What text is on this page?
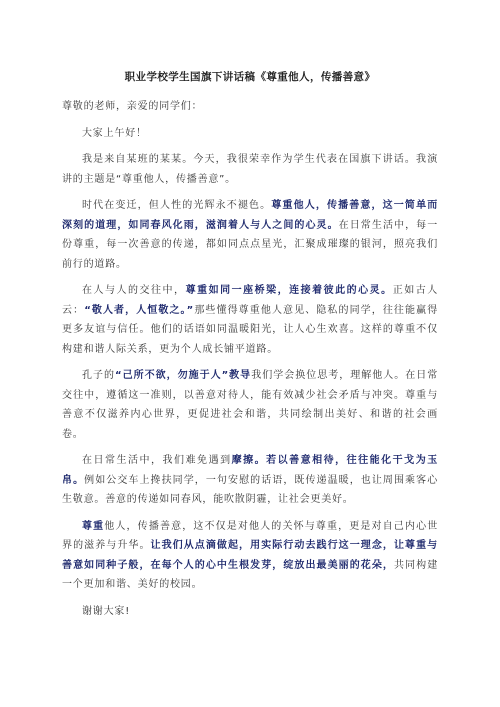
职业学校学生国旗下讲话稿《尊重他人，传播善意》

尊敬的老师，亲爱的同学们：

大家上午好！

我是来自某班的某某。今天，我很荣幸作为学生代表在国旗下讲话。我演讲的主题是“尊重他人，传播善意”。

时代在变迁，但人性的光辉永不褪色。尊重他人，传播善意，这一简单而深刻的道理，如同春风化雨，滋润着人与人之间的心灵。在日常生活中，每一份尊重，每一次善意的传递，都如同点点星光，汇聚成璀璨的银河，照亮我们前行的道路。

在人与人的交往中，尊重如同一座桥梁，连接着彼此的心灵。正如古人云：“敬人者，人恒敬之。”那些懂得尊重他人意见、隐私的同学，往往能赢得更多友谊与信任。他们的话语如同温暖阳光，让人心生欢喜。这样的尊重不仅构建和谐人际关系，更为个人成长铺平道路。

孔子的“己所不欲，勿施于人”教导我们学会换位思考，理解他人。在日常交往中，遵循这一准则，以善意对待人，能有效减少社会矛盾与冲突。尊重与善意不仅滋养内心世界，更促进社会和谐，共同绘制出美好、和谐的社会画卷。

在日常生活中，我们难免遇到摩擦。若以善意相待，往往能化干戈为玉帛。例如公交车上搀扶同学，一句安慰的话语，既传递温暖，也让周围乘客心生敬意。善意的传递如同春风，能吹散阴霾，让社会更美好。

尊重他人，传播善意，这不仅是对他人的关怀与尊重，更是对自己内心世界的滋养与升华。让我们从点滴做起，用实际行动去践行这一理念，让尊重与善意如同种子般，在每个人的心中生根发芽，绽放出最美丽的花朵，共同构建一个更加和谐、美好的校园。

谢谢大家!
